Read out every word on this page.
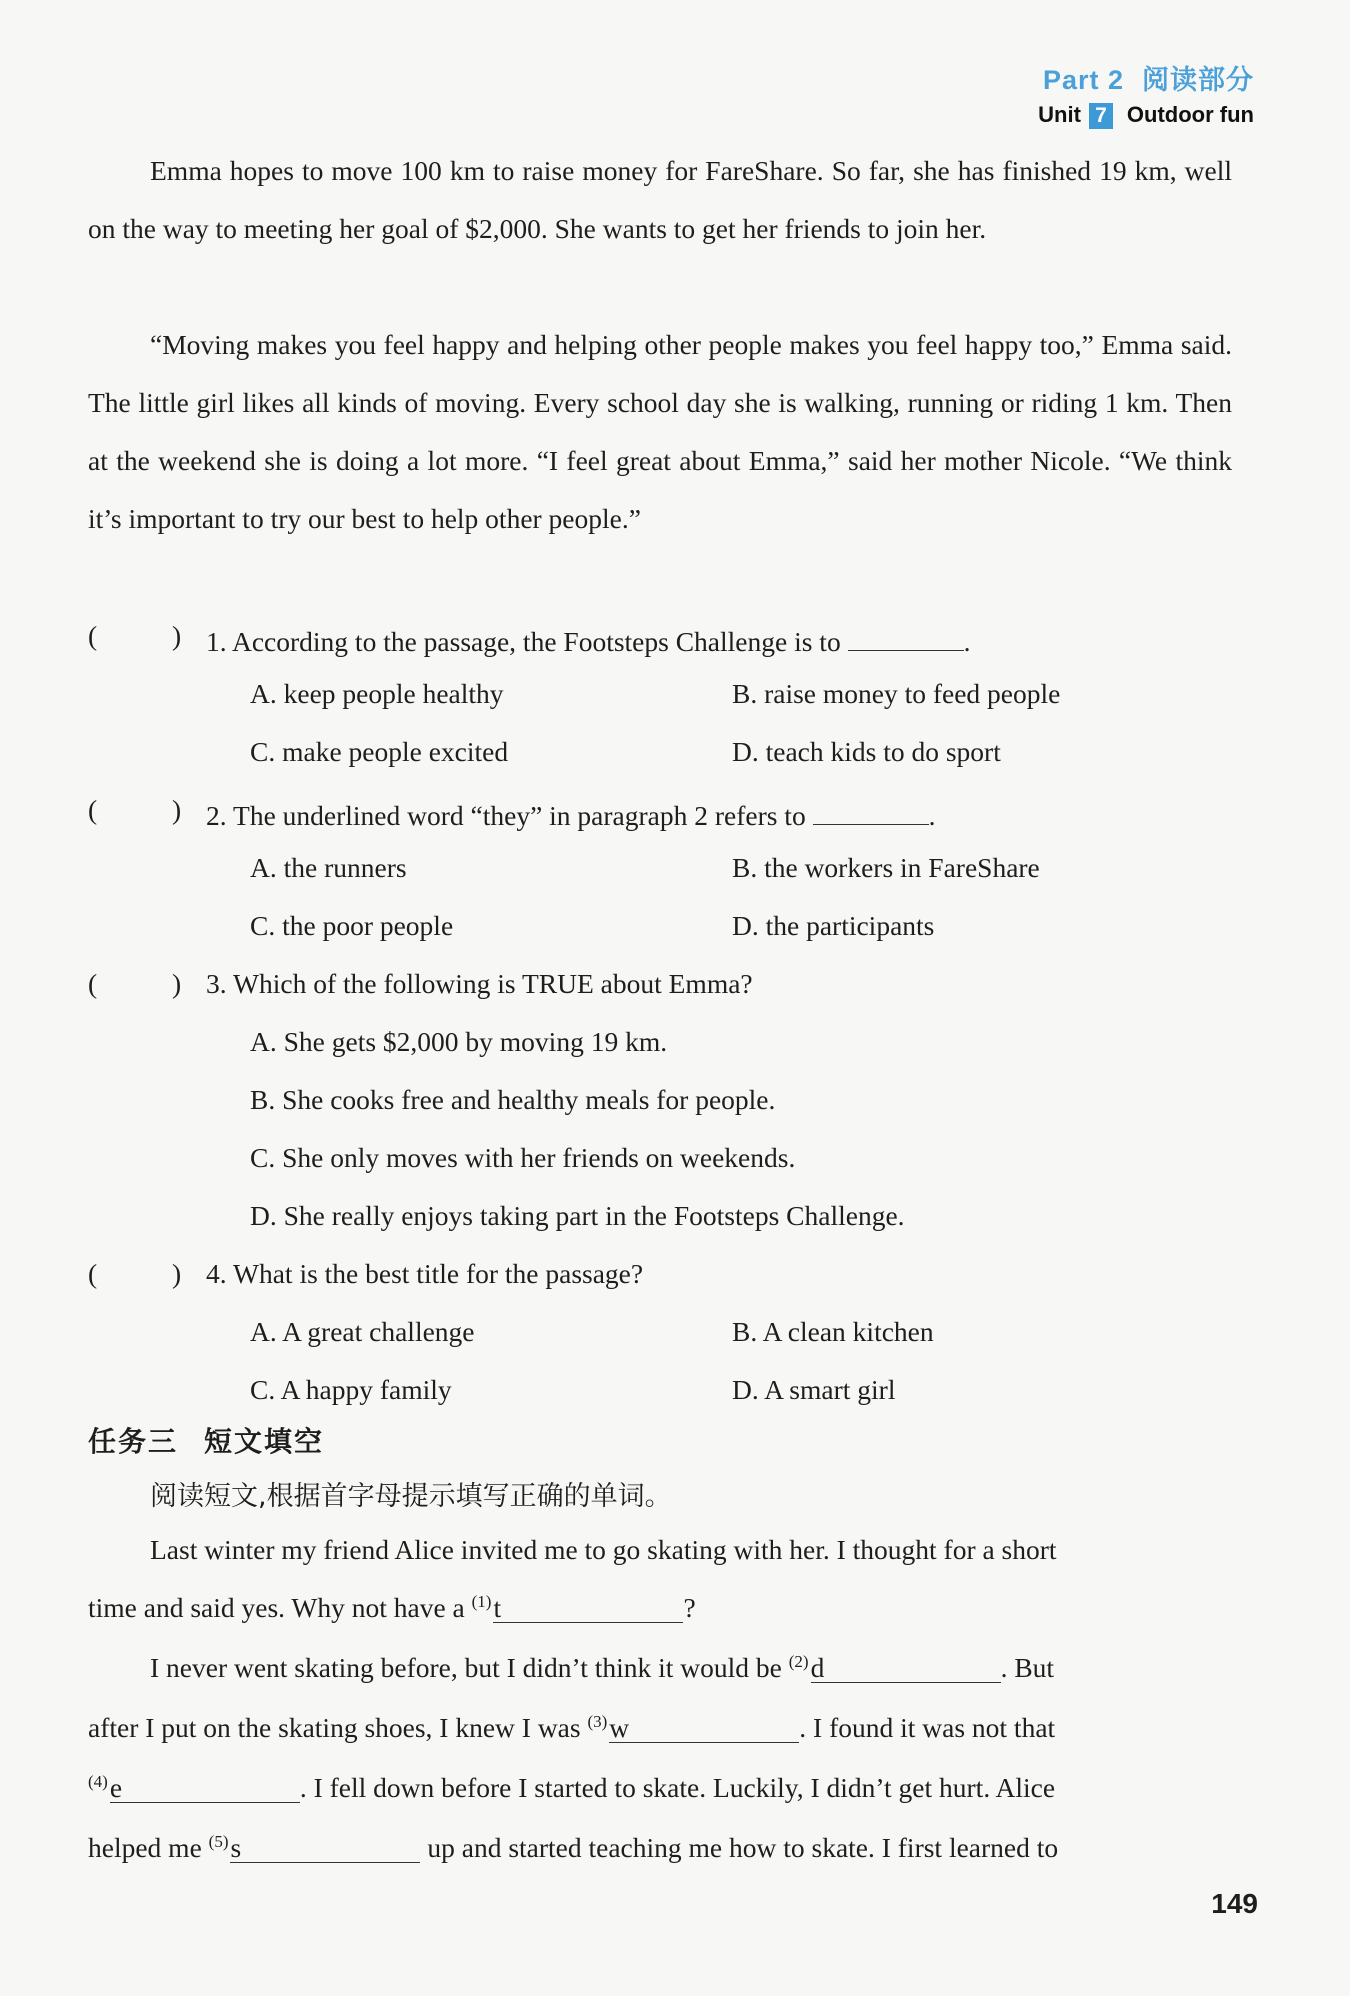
Part 2 阅读部分
Unit 7 Outdoor fun
Emma hopes to move 100 km to raise money for FareShare. So far, she has finished 19 km, well on the way to meeting her goal of $2,000. She wants to get her friends to join her.
“Moving makes you feel happy and helping other people makes you feel happy too,” Emma said. The little girl likes all kinds of moving. Every school day she is walking, running or riding 1 km. Then at the weekend she is doing a lot more. “I feel great about Emma,” said her mother Nicole. “We think it’s important to try our best to help other people.”
(	) 1. According to the passage, the Footsteps Challenge is to	.
A. keep people healthy	B. raise money to feed people
C. make people excited	D. teach kids to do sport
(	) 2. The underlined word “they” in paragraph 2 refers to	.
A. the runners	B. the workers in FareShare
C. the poor people	D. the participants
(	) 3. Which of the following is TRUE about Emma?
A. She gets $2,000 by moving 19 km.
B. She cooks free and healthy meals for people.
C. She only moves with her friends on weekends.
D. She really enjoys taking part in the Footsteps Challenge.
(	) 4. What is the best title for the passage?
A. A great challenge	B. A clean kitchen
C. A happy family	D. A smart girl
任务三 短文填空
阅读短文,根据首字母提示填写正确的单词。
Last winter my friend Alice invited me to go skating with her. I thought for a short
time and said yes. Why not have a $^{(1)}$t	?
I never went skating before, but I didn’t think it would be $^{(2)}$d	. But
after I put on the skating shoes, I knew I was $^{(3)}$w	. I found it was not that
$^{(4)}$e	. I fell down before I started to skate. Luckily, I didn’t get hurt. Alice
helped me $^{(5)}$s	up and started teaching me how to skate. I first learned to
149
